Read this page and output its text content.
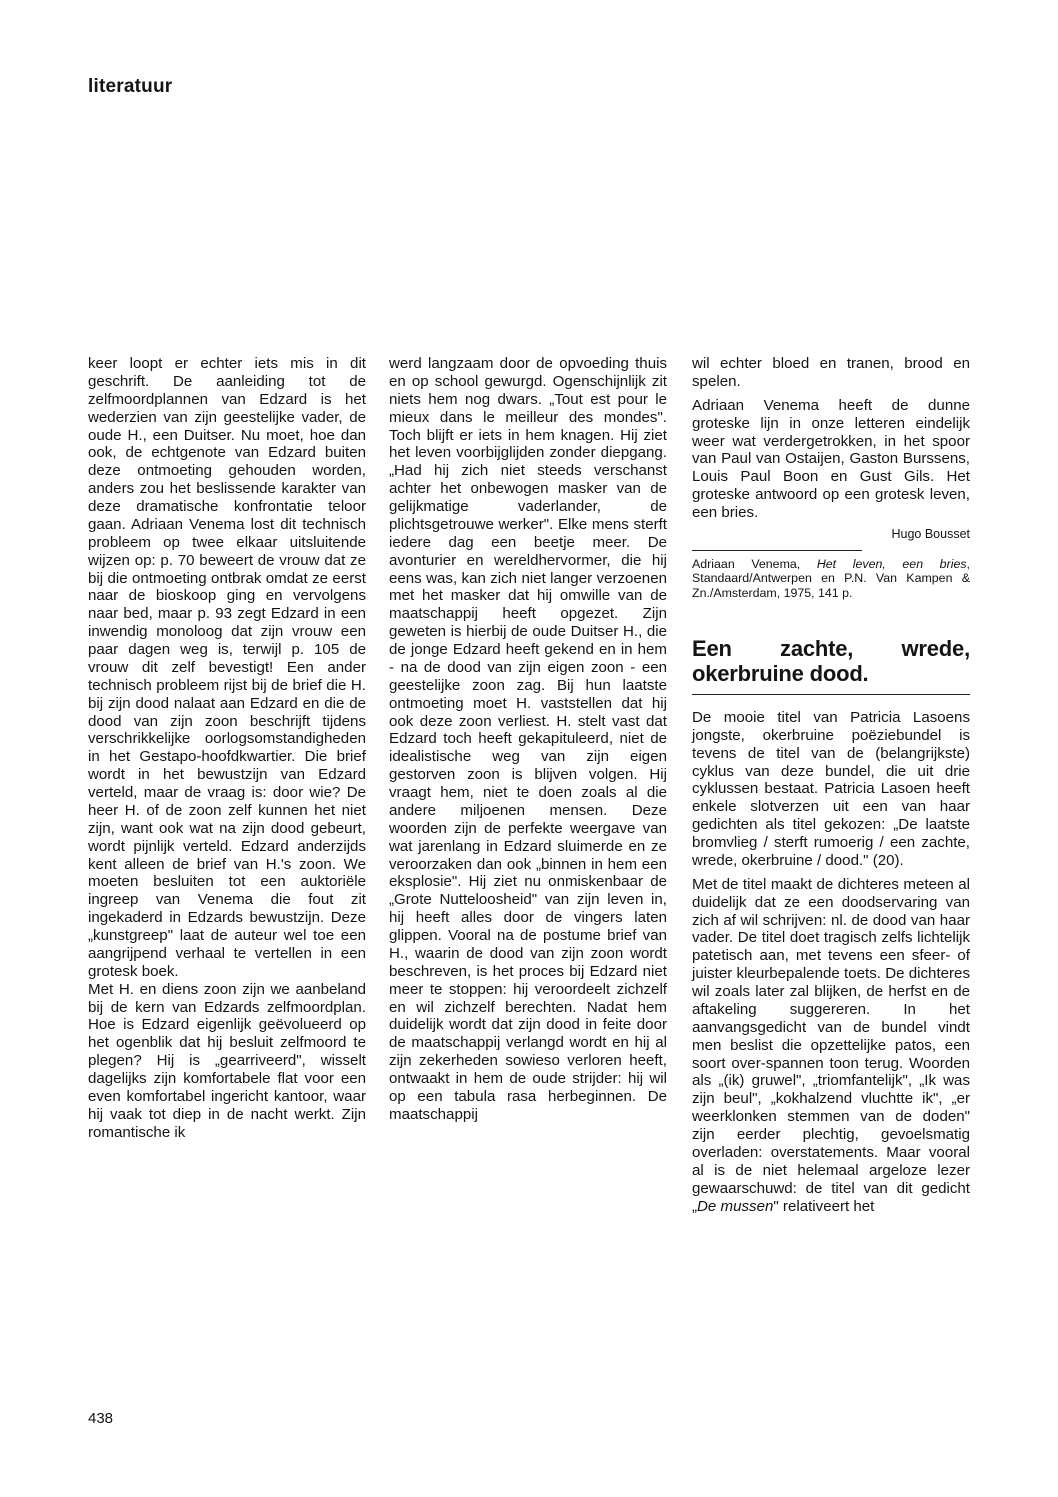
literatuur

keer loopt er echter iets mis in dit geschrift. De aanleiding tot de zelfmoordplannen van Edzard is het wederzien van zijn geestelijke vader, de oude H., een Duitser. Nu moet, hoe dan ook, de echtgenote van Edzard buiten deze ontmoeting gehouden worden, anders zou het beslissende karakter van deze dramatische konfrontatie teloor gaan. Adriaan Venema lost dit technisch probleem op twee elkaar uitsluitende wijzen op: p. 70 beweert de vrouw dat ze bij die ontmoeting ontbrak omdat ze eerst naar de bioskoop ging en vervolgens naar bed, maar p. 93 zegt Edzard in een inwendig monoloog dat zijn vrouw een paar dagen weg is, terwijl p. 105 de vrouw dit zelf bevestigt! Een ander technisch probleem rijst bij de brief die H. bij zijn dood nalaat aan Edzard en die de dood van zijn zoon beschrijft tijdens verschrikkelijke oorlogsomstandigheden in het Gestapo-hoofdkwartier. Die brief wordt in het bewustzijn van Edzard verteld, maar de vraag is: door wie? De heer H. of de zoon zelf kunnen het niet zijn, want ook wat na zijn dood gebeurt, wordt pijnlijk verteld. Edzard anderzijds kent alleen de brief van H.'s zoon. We moeten besluiten tot een auktoriële ingreep van Venema die fout zit ingekaderd in Edzards bewustzijn. Deze „kunstgreep" laat de auteur wel toe een aangrijpend verhaal te vertellen in een grotesk boek.

Met H. en diens zoon zijn we aanbeland bij de kern van Edzards zelfmoordplan. Hoe is Edzard eigenlijk geëvolueerd op het ogenblik dat hij besluit zelfmoord te plegen? Hij is „gearriveerd", wisselt dagelijks zijn komfortabele flat voor een even komfortabel ingericht kantoor, waar hij vaak tot diep in de nacht werkt. Zijn romantische ik

werd langzaam door de opvoeding thuis en op school gewurgd. Ogenschijnlijk zit niets hem nog dwars. „Tout est pour le mieux dans le meilleur des mondes". Toch blijft er iets in hem knagen. Hij ziet het leven voorbijglijden zonder diepgang. „Had hij zich niet steeds verschanst achter het onbewogen masker van de gelijkmatige vaderlander, de plichtsgetrouwe werker". Elke mens sterft iedere dag een beetje meer. De avonturier en wereldhervormer, die hij eens was, kan zich niet langer verzoenen met het masker dat hij omwille van de maatschappij heeft opgezet. Zijn geweten is hierbij de oude Duitser H., die de jonge Edzard heeft gekend en in hem - na de dood van zijn eigen zoon - een geestelijke zoon zag. Bij hun laatste ontmoeting moet H. vaststellen dat hij ook deze zoon verliest. H. stelt vast dat Edzard toch heeft gekapituleerd, niet de idealistische weg van zijn eigen gestorven zoon is blijven volgen. Hij vraagt hem, niet te doen zoals al die andere miljoenen mensen. Deze woorden zijn de perfekte weergave van wat jarenlang in Edzard sluimerde en ze veroorzaken dan ook „binnen in hem een eksplosie". Hij ziet nu onmiskenbaar de „Grote Nutteloosheid" van zijn leven in, hij heeft alles door de vingers laten glippen. Vooral na de postume brief van H., waarin de dood van zijn zoon wordt beschreven, is het proces bij Edzard niet meer te stoppen: hij veroordeelt zichzelf en wil zichzelf berechten. Nadat hem duidelijk wordt dat zijn dood in feite door de maatschappij verlangd wordt en hij al zijn zekerheden sowieso verloren heeft, ontwaakt in hem de oude strijder: hij wil op een tabula rasa herbeginnen. De maatschappij

wil echter bloed en tranen, brood en spelen.

Adriaan Venema heeft de dunne groteske lijn in onze letteren eindelijk weer wat verdergetrokken, in het spoor van Paul van Ostaijen, Gaston Burssens, Louis Paul Boon en Gust Gils. Het groteske antwoord op een grotesk leven, een bries.

Hugo Bousset
Adriaan Venema, Het leven, een bries, Standaard/Antwerpen en P.N. Van Kampen & Zn./Amsterdam, 1975, 141 p.
Een zachte, wrede, okerbruine dood.

De mooie titel van Patricia Lasoens jongste, okerbruine poëziebundel is tevens de titel van de (belangrijkste) cyklus van deze bundel, die uit drie cyklussen bestaat. Patricia Lasoen heeft enkele slotverzen uit een van haar gedichten als titel gekozen: „De laatste bromvlieg / sterft rumoerig / een zachte, wrede, okerbruine / dood." (20).

Met de titel maakt de dichteres meteen al duidelijk dat ze een doodservaring van zich af wil schrijven: nl. de dood van haar vader. De titel doet tragisch zelfs lichtelijk patetisch aan, met tevens een sfeer- of juister kleurbepalende toets. De dichteres wil zoals later zal blijken, de herfst en de aftakeling suggereren. In het aanvangsgedicht van de bundel vindt men beslist die opzettelijke patos, een soort over-spannen toon terug. Woorden als „(ik) gruwel", „triomfantelijk", „Ik was zijn beul", „kokhalzend vluchtte ik", „er weerklonken stemmen van de doden" zijn eerder plechtig, gevoelsmatig overladen: overstatements. Maar vooral al is de niet helemaal argeloze lezer gewaarschuwd: de titel van dit gedicht „De mussen" relativeert het

438
